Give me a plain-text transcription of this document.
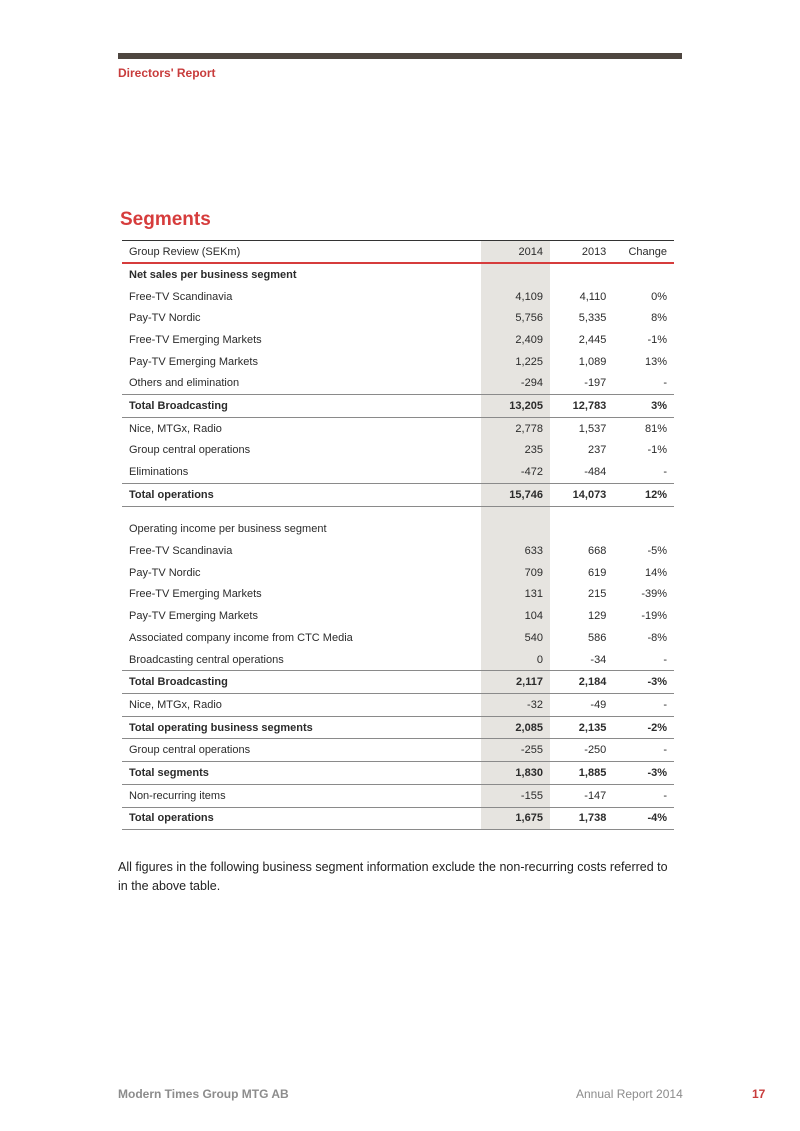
Directors' Report
Segments
Group Review (SEKm)	2014	2013	Change
Net sales per business segment			
Free-TV Scandinavia	4,109	4,110	0%
Pay-TV Nordic	5,756	5,335	8%
Free-TV Emerging Markets	2,409	2,445	-1%
Pay-TV Emerging Markets	1,225	1,089	13%
Others and elimination	-294	-197	-
Total Broadcasting	13,205	12,783	3%
Nice, MTGx, Radio	2,778	1,537	81%
Group central operations	235	237	-1%
Eliminations	-472	-484	-
Total operations	15,746	14,073	12%

Operating income per business segment			
Free-TV Scandinavia	633	668	-5%
Pay-TV Nordic	709	619	14%
Free-TV Emerging Markets	131	215	-39%
Pay-TV Emerging Markets	104	129	-19%
Associated company income from CTC Media	540	586	-8%
Broadcasting central operations	0	-34	-
Total Broadcasting	2,117	2,184	-3%
Nice, MTGx, Radio	-32	-49	-
Total operating business segments	2,085	2,135	-2%
Group central operations	-255	-250	-
Total segments	1,830	1,885	-3%
Non-recurring items	-155	-147	-
Total operations	1,675	1,738	-4%

All figures in the following business segment information exclude the non-recurring costs referred to in the above table.

Modern Times Group MTG AB	Annual Report 2014	17
